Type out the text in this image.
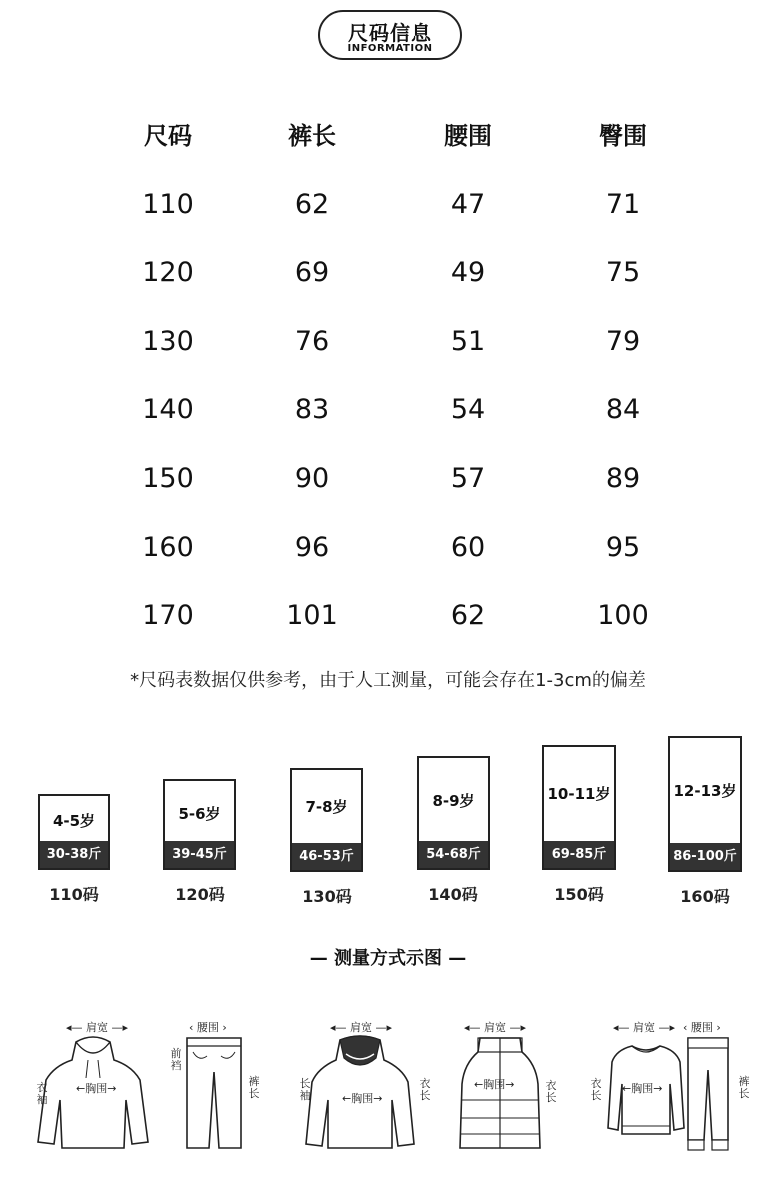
尺码信息
INFORMATION
尺码	裤长	腰围	臀围
110	62	47	71
120	69	49	75
130	76	51	79
140	83	54	84
150	90	57	89
160	96	60	95
170	101	62	100
*尺码表数据仅供参考，由于人工测量，可能会存在1-3cm的偏差
4-5岁
30-38斤
110码
5-6岁
39-45斤
120码
7-8岁
46-53斤
130码
8-9岁
54-68斤
140码
10-11岁
69-85斤
150码
12-13岁
86-100斤
160码
— 测量方式示图 —
◂— 肩宽 —▸
←胸围→
衣袖
‹ 腰围 ›
前裆
裤长
◂— 肩宽 —▸
←胸围→
长袖
衣长
◂— 肩宽 —▸
←胸围→	衣长
◂— 肩宽 —▸
←胸围→
衣长
‹ 腰围 ›
裤长
